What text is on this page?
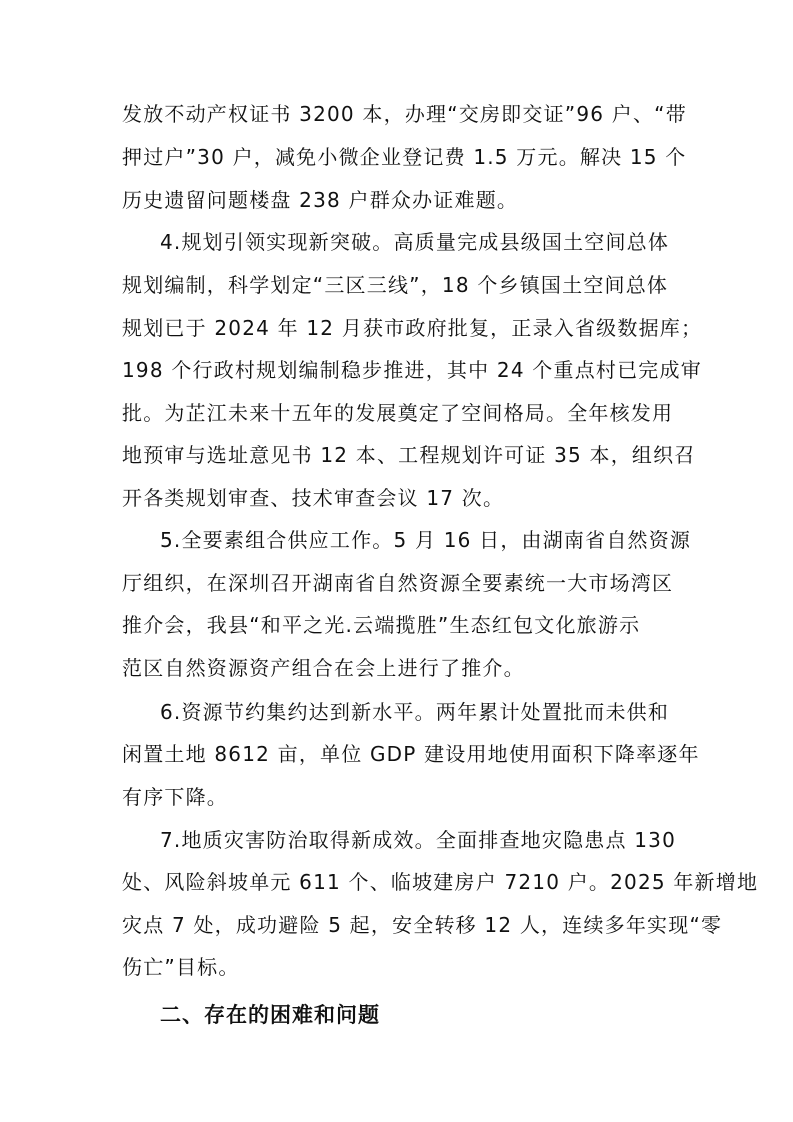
发放不动产权证书 3200 本，办理“交房即交证”96 户、“带
押过户”30 户，减免小微企业登记费 1.5 万元。解决 15 个
历史遗留问题楼盘 238 户群众办证难题。
4.规划引领实现新突破。高质量完成县级国土空间总体
规划编制，科学划定“三区三线”，18 个乡镇国土空间总体
规划已于 2024 年 12 月获市政府批复，正录入省级数据库；
198 个行政村规划编制稳步推进，其中 24 个重点村已完成审
批。为芷江未来十五年的发展奠定了空间格局。全年核发用
地预审与选址意见书 12 本、工程规划许可证 35 本，组织召
开各类规划审查、技术审查会议 17 次。
5.全要素组合供应工作。5 月 16 日，由湖南省自然资源
厅组织，在深圳召开湖南省自然资源全要素统一大市场湾区
推介会，我县“和平之光.云端揽胜”生态红包文化旅游示
范区自然资源资产组合在会上进行了推介。
6.资源节约集约达到新水平。两年累计处置批而未供和
闲置土地 8612 亩，单位 GDP 建设用地使用面积下降率逐年
有序下降。
7.地质灾害防治取得新成效。全面排查地灾隐患点 130
处、风险斜坡单元 611 个、临坡建房户 7210 户。2025 年新增地
灾点 7 处，成功避险 5 起，安全转移 12 人，连续多年实现“零
伤亡”目标。
二、存在的困难和问题
